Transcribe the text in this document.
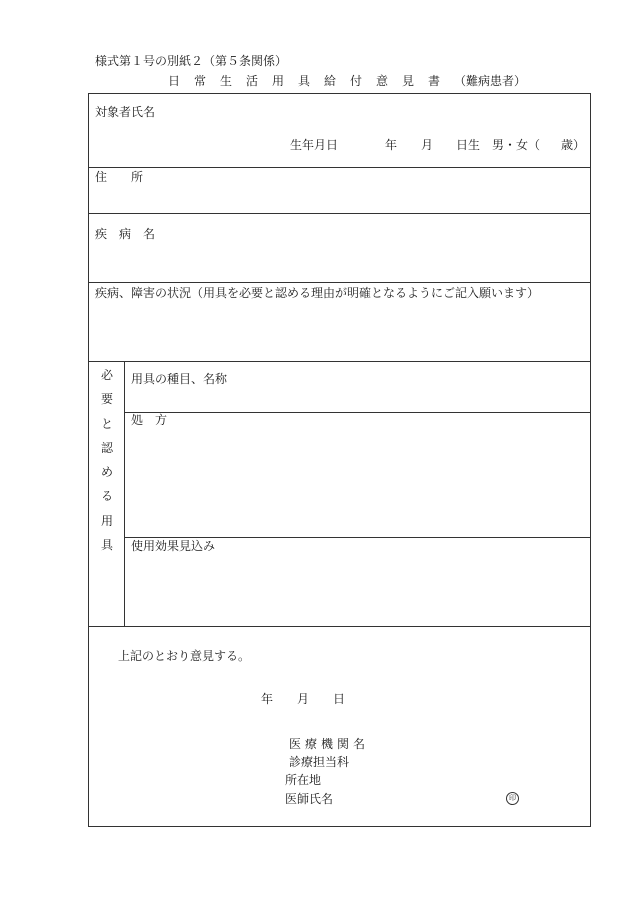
様式第１号の別紙２（第５条関係）
日常生活用具給付意見書（難病患者）
対象者氏名
生年月日	年 月 日生 男・女（ 歳）
住　　所
疾　病　名
疾病、障害の状況（用具を必要と認める理由が明確となるようにご記入願います）
必
要
と
認
め
る
用
具
用具の種目、名称
処　方
使用効果見込み
上記のとおり意見する。
年 月 日
医療機関名
診療担当科
所在地
医師氏名	印
